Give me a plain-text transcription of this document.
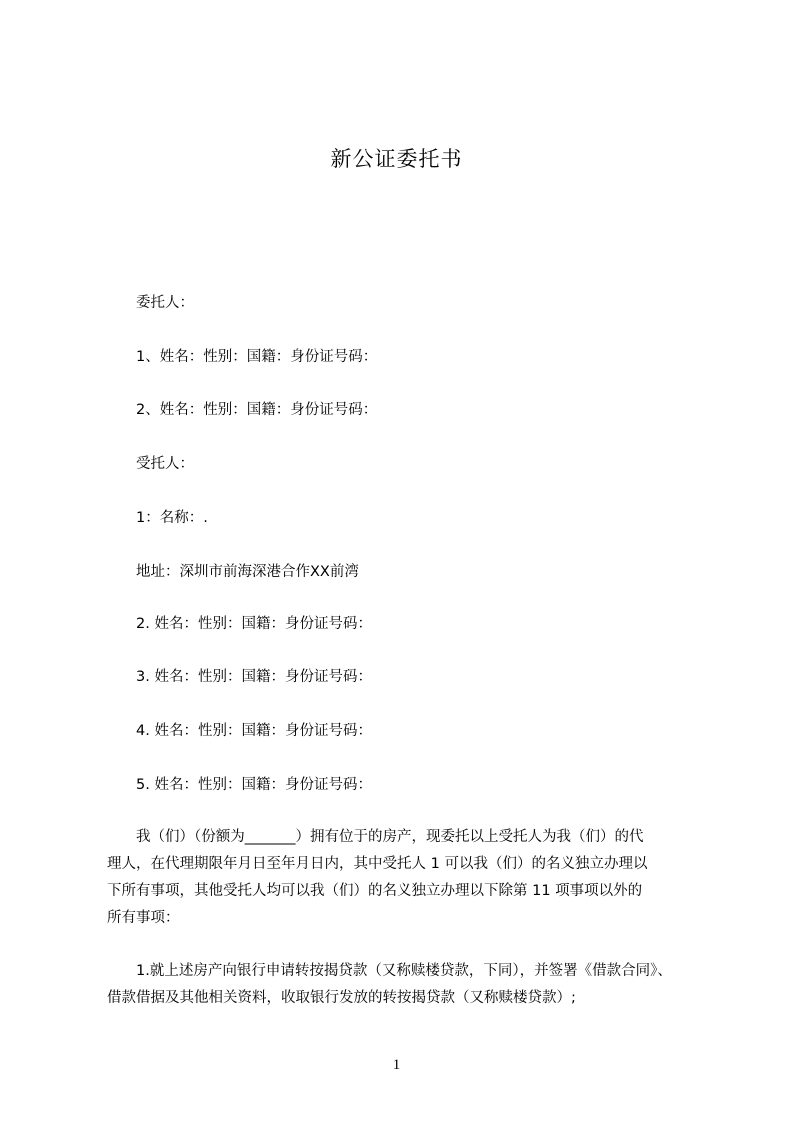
新公证委托书
委托人：
1、姓名：性别：国籍：身份证号码：
2、姓名：性别：国籍：身份证号码：
受托人：
1：名称：.
地址：深圳市前海深港合作XX前湾
2. 姓名：性别：国籍：身份证号码：
3. 姓名：性别：国籍：身份证号码：
4. 姓名：性别：国籍：身份证号码：
5. 姓名：性别：国籍：身份证号码：
我（们）（份额为_______）拥有位于的房产，现委托以上受托人为我（们）的代
理人，在代理期限年月日至年月日内，其中受托人 1 可以我（们）的名义独立办理以
下所有事项，其他受托人均可以我（们）的名义独立办理以下除第 11 项事项以外的
所有事项：
1.就上述房产向银行申请转按揭贷款（又称赎楼贷款，下同），并签署《借款合同》、
借款借据及其他相关资料，收取银行发放的转按揭贷款（又称赎楼贷款）;
1
